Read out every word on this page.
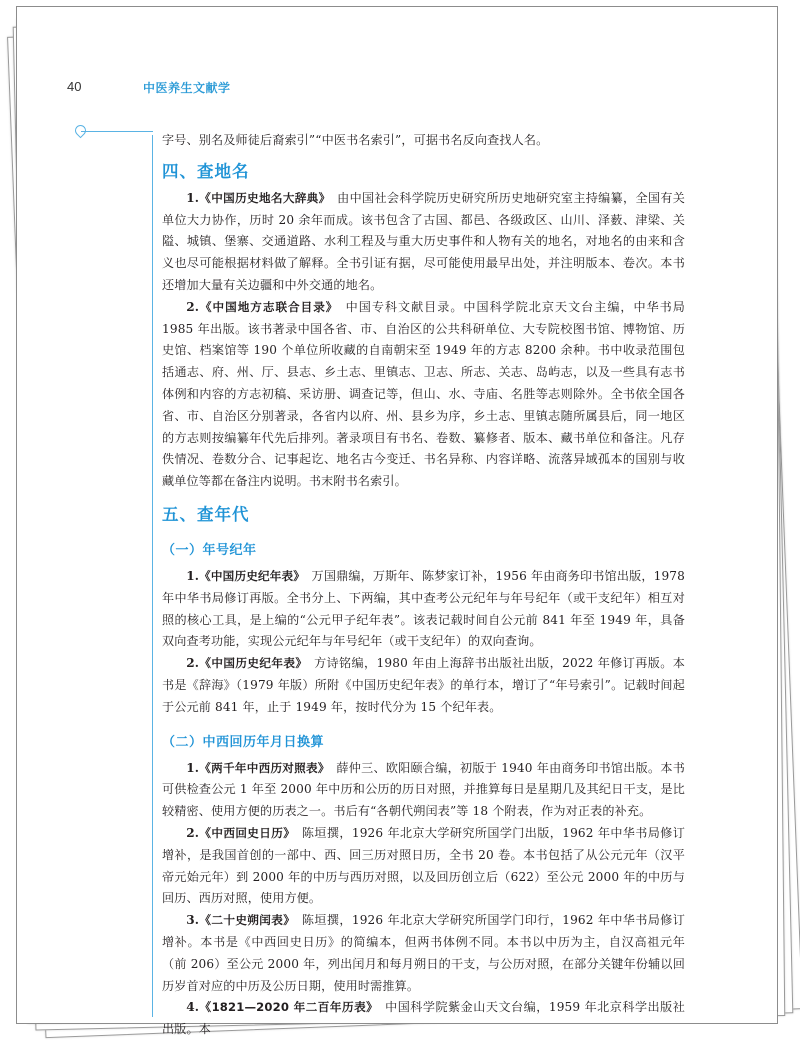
40	中医养生文献学

字号、别名及师徒后裔索引”“中医书名索引”，可据书名反向查找人名。

四、查地名

1.《中国历史地名大辞典》　 由中国社会科学院历史研究所历史地研究室主持编纂，全国有关单位大力协作，历时 20 余年而成。该书包含了古国、都邑、各级政区、山川、泽薮、津梁、关隘、城镇、堡寨、交通道路、水利工程及与重大历史事件和人物有关的地名，对地名的由来和含义也尽可能根据材料做了解释。全书引证有据，尽可能使用最早出处，并注明版本、卷次。本书还增加大量有关边疆和中外交通的地名。

2.《中国地方志联合目录》　 中国专科文献目录。中国科学院北京天文台主编，中华书局 1985 年出版。该书著录中国各省、市、自治区的公共科研单位、大专院校图书馆、博物馆、历史馆、档案馆等 190 个单位所收藏的自南朝宋至 1949 年的方志 8200 余种。书中收录范围包括通志、府、州、厅、县志、乡土志、里镇志、卫志、所志、关志、岛屿志，以及一些具有志书体例和内容的方志初稿、采访册、调查记等，但山、水、寺庙、名胜等志则除外。全书依全国各省、市、自治区分别著录，各省内以府、州、县乡为序，乡土志、里镇志随所属县后，同一地区的方志则按编纂年代先后排列。著录项目有书名、卷数、纂修者、版本、藏书单位和备注。凡存佚情况、卷数分合、记事起讫、地名古今变迁、书名异称、内容详略、流落异域孤本的国别与收藏单位等都在备注内说明。书末附书名索引。

五、查年代
（一）年号纪年

1.《中国历史纪年表》　 万国鼎编，万斯年、陈梦家订补，1956 年由商务印书馆出版，1978 年中华书局修订再版。全书分上、下两编，其中查考公元纪年与年号纪年（或干支纪年）相互对照的核心工具，是上编的“公元甲子纪年表”。该表记载时间自公元前 841 年至 1949 年，具备双向查考功能，实现公元纪年与年号纪年（或干支纪年）的双向查询。

2.《中国历史纪年表》　 方诗铭编，1980 年由上海辞书出版社出版，2022 年修订再版。本书是《辞海》（1979 年版）所附《中国历史纪年表》的单行本，增订了“年号索引”。记载时间起于公元前 841 年，止于 1949 年，按时代分为 15 个纪年表。

（二）中西回历年月日换算

1.《两千年中西历对照表》　 薛仲三、欧阳颐合编，初版于 1940 年由商务印书馆出版。本书可供检查公元 1 年至 2000 年中历和公历的历日对照，并推算每日是星期几及其纪日干支，是比较精密、使用方便的历表之一。书后有“各朝代朔闰表”等 18 个附表，作为对正表的补充。

2.《中西回史日历》　 陈垣撰，1926 年北京大学研究所国学门出版，1962 年中华书局修订增补，是我国首创的一部中、西、回三历对照日历，全书 20 卷。本书包括了从公元元年（汉平帝元始元年）到 2000 年的中历与西历对照，以及回历创立后（622）至公元 2000 年的中历与回历、西历对照，使用方便。

3.《二十史朔闰表》　 陈垣撰，1926 年北京大学研究所国学门印行，1962 年中华书局修订增补。本书是《中西回史日历》的简编本，但两书体例不同。本书以中历为主，自汉高祖元年（前 206）至公元 2000 年，列出闰月和每月朔日的干支，与公历对照，在部分关键年份辅以回历岁首对应的中历及公历日期，使用时需推算。

4.《1821—2020 年二百年历表》　 中国科学院紫金山天文台编，1959 年北京科学出版社出版。本
